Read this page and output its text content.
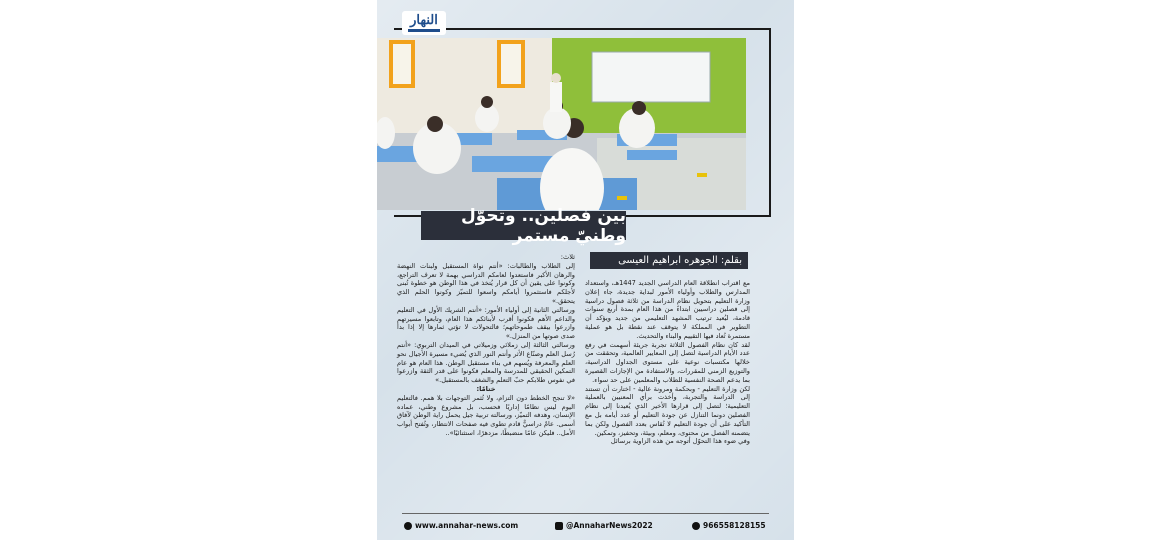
النهار
بين فصلين.. وتحوّل وطنيّ مستمر
بقلم: الجوهره ابراهيم العيسى

مع اقتراب انطلاقة العام الدراسي الجديد 1447هـ، واستعداد المدارس والطلاب وأولياء الأمور لبداية جديدة، جاء إعلان وزارة التعليم بتحويل نظام الدراسة من ثلاثة فصول دراسية إلى فصلين دراسيين ابتداءً من هذا العام بمدة أربع سنوات قادمة، ليُعيد ترتيب المشهد التعليمي من جديد ويؤكد أن التطوير في المملكة لا يتوقف عند نقطة بل هو عملية مستمرة تُعاد فيها التقييم والبناء والتحديث.

لقد كان نظام الفصول الثلاثة تجربة جريئة أسهمت في رفع عدد الأيام الدراسية لتصل إلى المعايير العالمية، وتحققت من خلالها مكتسبات نوعية على مستوى الجداول الدراسية، والتوزيع الزمني للمقررات، والاستفادة من الإجازات القصيرة بما يدعم الصحة النفسية للطلاب والمعلمين على حد سواء.

لكن وزارة التعليم - وبحكمة ومرونة عالية - اختارت أن تستند إلى الدراسة والتجربة، وأخذت برأي المعنيين بالعملية التعليمية؛ لتصل إلى قرارها الأخير الذي يُعيدنا إلى نظام الفصلين دونما التنازل عن جودة التعليم أو عدد أيامه بل مع التأكيد على أن جودة التعليم لا تُقاس بعدد الفصول ولكن بما يتضمنه الفصل من محتوى، ومعلم، وبيئة، وتحفيز، وتمكين.

وفي ضوء هذا التحوّل أتوجه من هذه الزاوية برسائل

ثلاث:

إلى الطلاب والطالبات: «أنتم نواة المستقبل ولبنات النهضة والرهان الأكبر فاستعدوا لعامكم الدراسي بهمة لا تعرف التراجع، وكونوا على يقين أن كل قرار يُتخذ في هذا الوطن هو خطوة تُبنى لأجلكم فاستثمروا أيامكم واسعوا للتميّز وكونوا الحلم الذي يتحقق.»

ورسالتي الثانية إلى أولياء الأمور: «أنتم الشريك الأول في التعليم والداعم الأهم فكونوا أقرب لأبنائكم هذا العام، وتابعوا مسيرتهم وازرعوا بيقف طموحاتهم؛ فالتحولات لا تؤتي ثمارها إلا إذا بدأ صدى صوتها من المنزل.»

ورسالتي الثالثة إلى زملائي وزميلاتي في الميدان التربوي: «أنتم رُسل العلم وصنّاع الأثر وأنتم النور الذي يُضيء مسيرة الأجيال نحو العلم والمعرفة ويُسهم في بناء مستقبل الوطن. هذا العام هو عام التمكين الحقيقي للمدرسة والمعلم فكونوا على قدر الثقة وازرعوا في نفوس طلابكم حبّ التعلم والشغف بالمستقبل.»

ختامًا:

«لا تنجح الخطط دون التزام، ولا تُثمر التوجهات بلا همم. فالتعليم اليوم ليس نظامًا إداريًا فحسب، بل مشروع وطني، عماده الإنسان، وهدفه التميّز، ورسالته تربية جيل يحمل راية الوطن لآفاق أسمى. عامٌ دراسيٌّ قادم تطوى فيه صفحات الانتظار، وتُفتح أبواب الأمل.. فليكن عامًا منضبطًا، مزدهرًا، استثنائيًا»..

www.annahar-news.com	@AnnaharNews2022	966558128155
